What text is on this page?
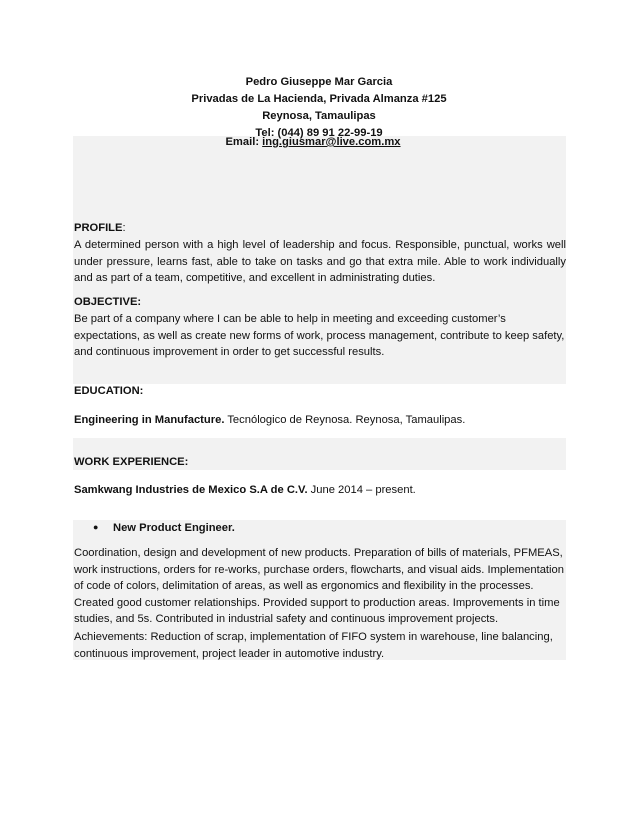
Pedro Giuseppe Mar Garcia
Privadas de La Hacienda, Privada Almanza #125
Reynosa, Tamaulipas
Tel: (044) 89 91 22-99-19
Email: ing.giusmar@live.com.mx
PROFILE:
A determined person with a high level of leadership and focus. Responsible, punctual, works well under pressure, learns fast, able to take on tasks and go that extra mile. Able to work individually and as part of a team, competitive, and excellent in administrating duties.
OBJECTIVE:
Be part of a company where I can be able to help in meeting and exceeding customer’s expectations, as well as create new forms of work, process management, contribute to keep safety, and continuous improvement in order to get successful results.
EDUCATION:
Engineering in Manufacture. Tecnólogico de Reynosa. Reynosa, Tamaulipas.
WORK EXPERIENCE:
Samkwang Industries de Mexico S.A de C.V. June 2014 – present.
● New Product Engineer.
Coordination, design and development of new products. Preparation of bills of materials, PFMEAS, work instructions, orders for re-works, purchase orders, flowcharts, and visual aids. Implementation of code of colors, delimitation of areas, as well as ergonomics and flexibility in the processes. Created good customer relationships. Provided support to production areas. Improvements in time studies, and 5s. Contributed in industrial safety and continuous improvement projects.
Achievements: Reduction of scrap, implementation of FIFO system in warehouse, line balancing, continuous improvement, project leader in automotive industry.
